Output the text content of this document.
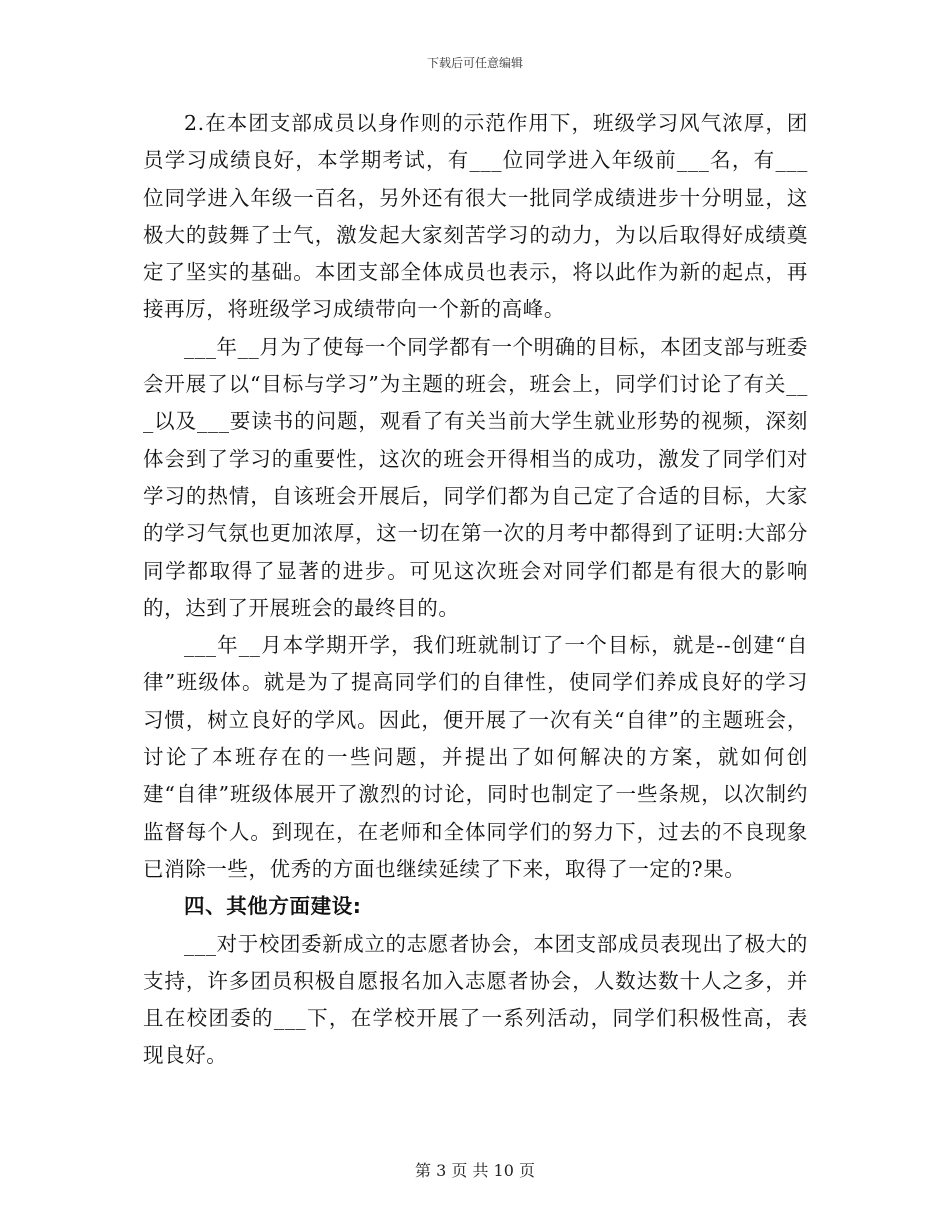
下载后可任意编辑

2.在本团支部成员以身作则的示范作用下，班级学习风气浓厚，团员学习成绩良好，本学期考试，有___位同学进入年级前___名，有___位同学进入年级一百名，另外还有很大一批同学成绩进步十分明显，这极大的鼓舞了士气，激发起大家刻苦学习的动力，为以后取得好成绩奠定了坚实的基础。本团支部全体成员也表示，将以此作为新的起点，再接再厉，将班级学习成绩带向一个新的高峰。

___年__月为了使每一个同学都有一个明确的目标，本团支部与班委会开展了以“目标与学习”为主题的班会，班会上，同学们讨论了有关___以及___要读书的问题，观看了有关当前大学生就业形势的视频，深刻体会到了学习的重要性，这次的班会开得相当的成功，激发了同学们对学习的热情，自该班会开展后，同学们都为自己定了合适的目标，大家的学习气氛也更加浓厚，这一切在第一次的月考中都得到了证明:大部分同学都取得了显著的进步。可见这次班会对同学们都是有很大的影响的，达到了开展班会的最终目的。

___年__月本学期开学，我们班就制订了一个目标，就是--创建“自律”班级体。就是为了提高同学们的自律性，使同学们养成良好的学习习惯，树立良好的学风。因此，便开展了一次有关“自律”的主题班会，讨论了本班存在的一些问题，并提出了如何解决的方案，就如何创建“自律”班级体展开了激烈的讨论，同时也制定了一些条规，以次制约监督每个人。到现在，在老师和全体同学们的努力下，过去的不良现象已消除一些，优秀的方面也继续延续了下来，取得了一定的?果。

四、其他方面建设:

___对于校团委新成立的志愿者协会，本团支部成员表现出了极大的支持，许多团员积极自愿报名加入志愿者协会，人数达数十人之多，并且在校团委的___下，在学校开展了一系列活动，同学们积极性高，表现良好。

第 3 页 共 10 页
